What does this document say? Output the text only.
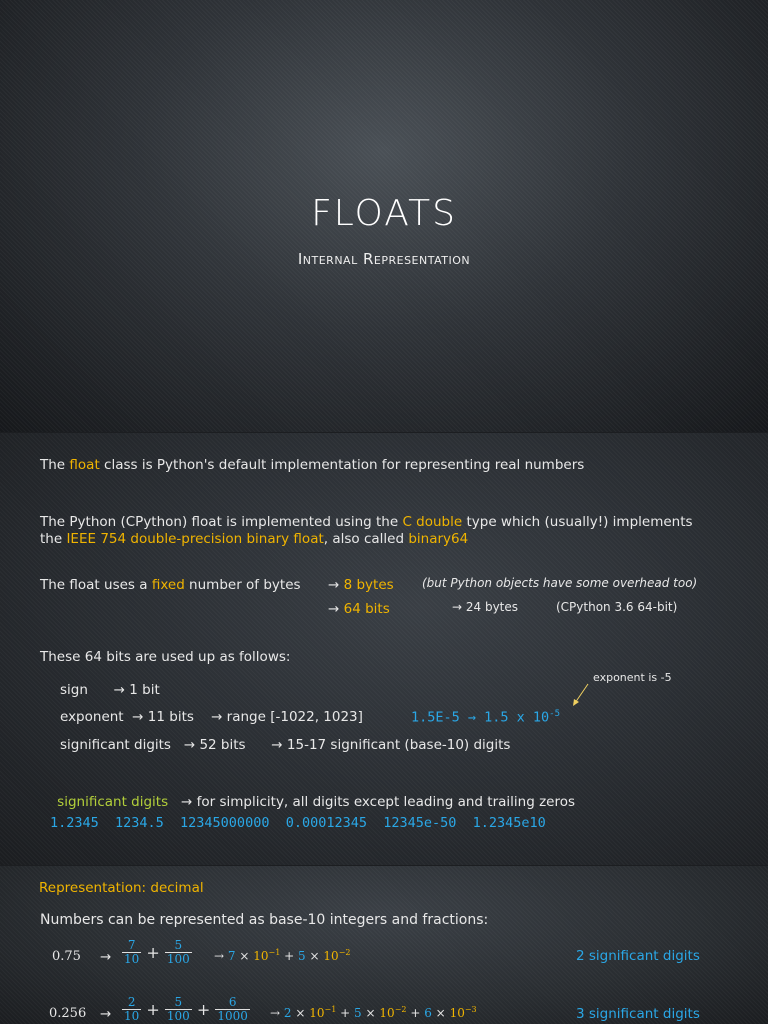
FLOATS
Internal Representation
The float class is Python's default implementation for representing real numbers
The Python (CPython) float is implemented using the C double type which (usually!) implements
the IEEE 754 double-precision binary float, also called binary64
The float uses a fixed number of bytes → 8 bytes (but Python objects have some overhead too)
→ 64 bits	→ 24 bytes	(CPython 3.6 64-bit)
These 64 bits are used up as follows:
sign      → 1 bit
exponent  → 11 bits    → range [-1022, 1023]	1.5E-5 → 1.5 x $10^{-5}$
exponent is -5
significant digits   → 52 bits      → 15-17 significant (base-10) digits

significant digits   → for simplicity, all digits except leading and trailing zeros

1.2345  1234.5  12345000000  0.00012345  12345e-50  1.2345e10
Representation: decimal
Numbers can be represented as base-10 integers and fractions:
$0.75 \to \frac{7}{10} + \frac{5}{100} \to 7 \times 10^{-1} + 5 \times 10^{-2}$	2 significant digits
$0.256 \to \frac{2}{10} + \frac{5}{100} + \frac{6}{1000} \to 2 \times 10^{-1} + 5 \times 10^{-2} + 6 \times 10^{-3}$	3 significant digits
